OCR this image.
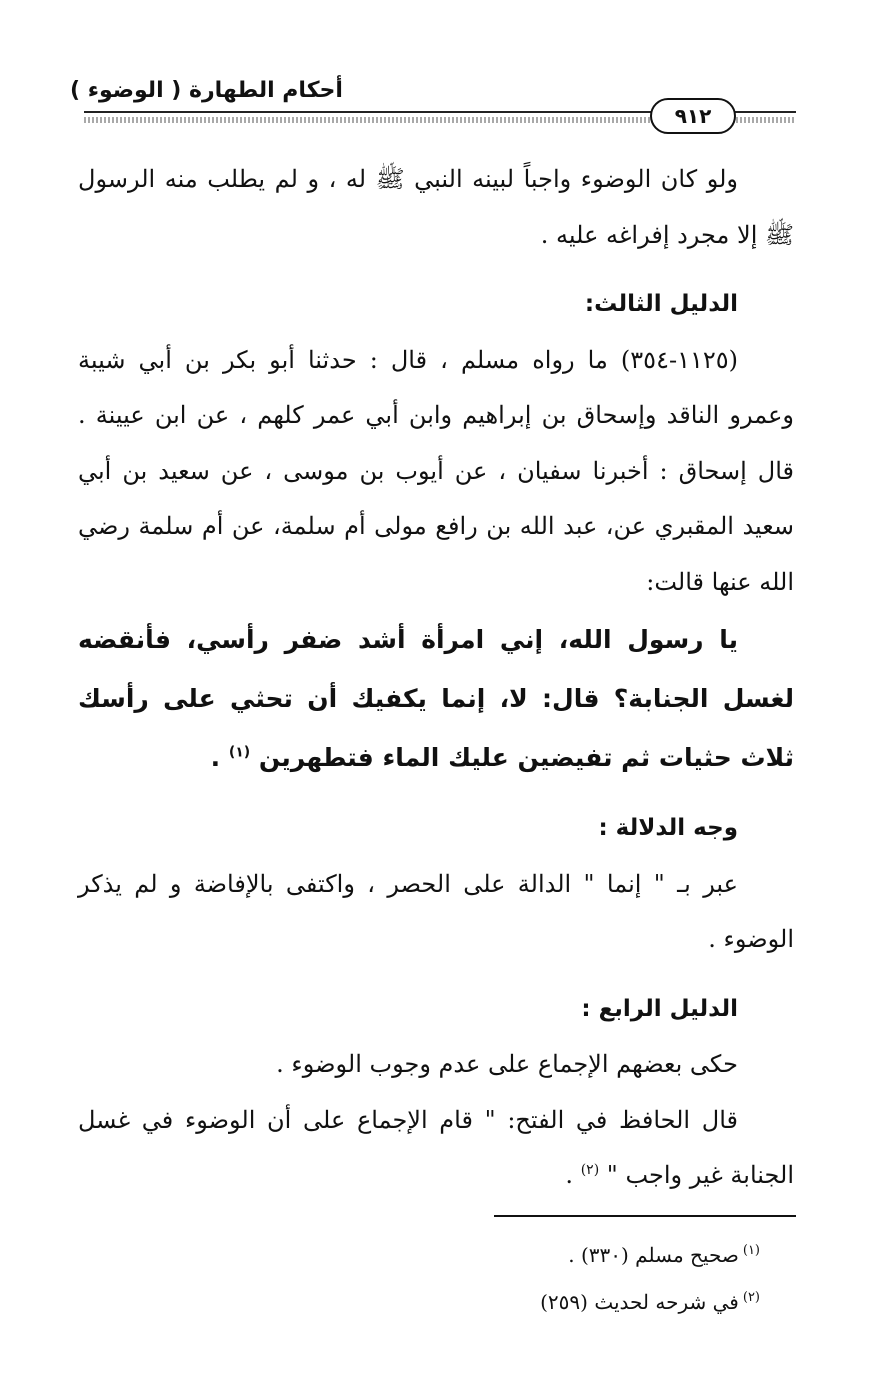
أحكام الطهارة ( الوضوء )
٩١٢

ولو كان الوضوء واجباً لبينه النبي ﷺ له ، و لم يطلب منه الرسول ﷺ إلا مجرد إفراغه عليه .

الدليل الثالث:

(١١٢٥-٣٥٤) ما رواه مسلم ، قال : حدثنا أبو بكر بن أبي شيبة وعمرو الناقد وإسحاق بن إبراهيم وابن أبي عمر كلهم ، عن ابن عيينة . قال إسحاق : أخبرنا سفيان ، عن أيوب بن موسى ، عن سعيد بن أبي سعيد المقبري عن، عبد الله بن رافع مولى أم سلمة، عن أم سلمة رضي الله عنها قالت:

يا رسول الله، إني امرأة أشد ضفر رأسي، فأنقضه لغسل الجنابة؟ قال: لا، إنما يكفيك أن تحثي على رأسك ثلاث حثيات ثم تفيضين عليك الماء فتطهرين $^{(١)}$ .

وجه الدلالة :

عبر بـ " إنما " الدالة على الحصر ، واكتفى بالإفاضة و لم يذكر الوضوء .

الدليل الرابع :

حكى بعضهم الإجماع على عدم وجوب الوضوء .

قال الحافظ في الفتح: " قام الإجماع على أن الوضوء في غسل الجنابة غير واجب " $^{(٢)}$ .

$^{(١)}$صحيح مسلم (٣٣٠) .

$^{(٢)}$في شرحه لحديث (٢٥٩)
